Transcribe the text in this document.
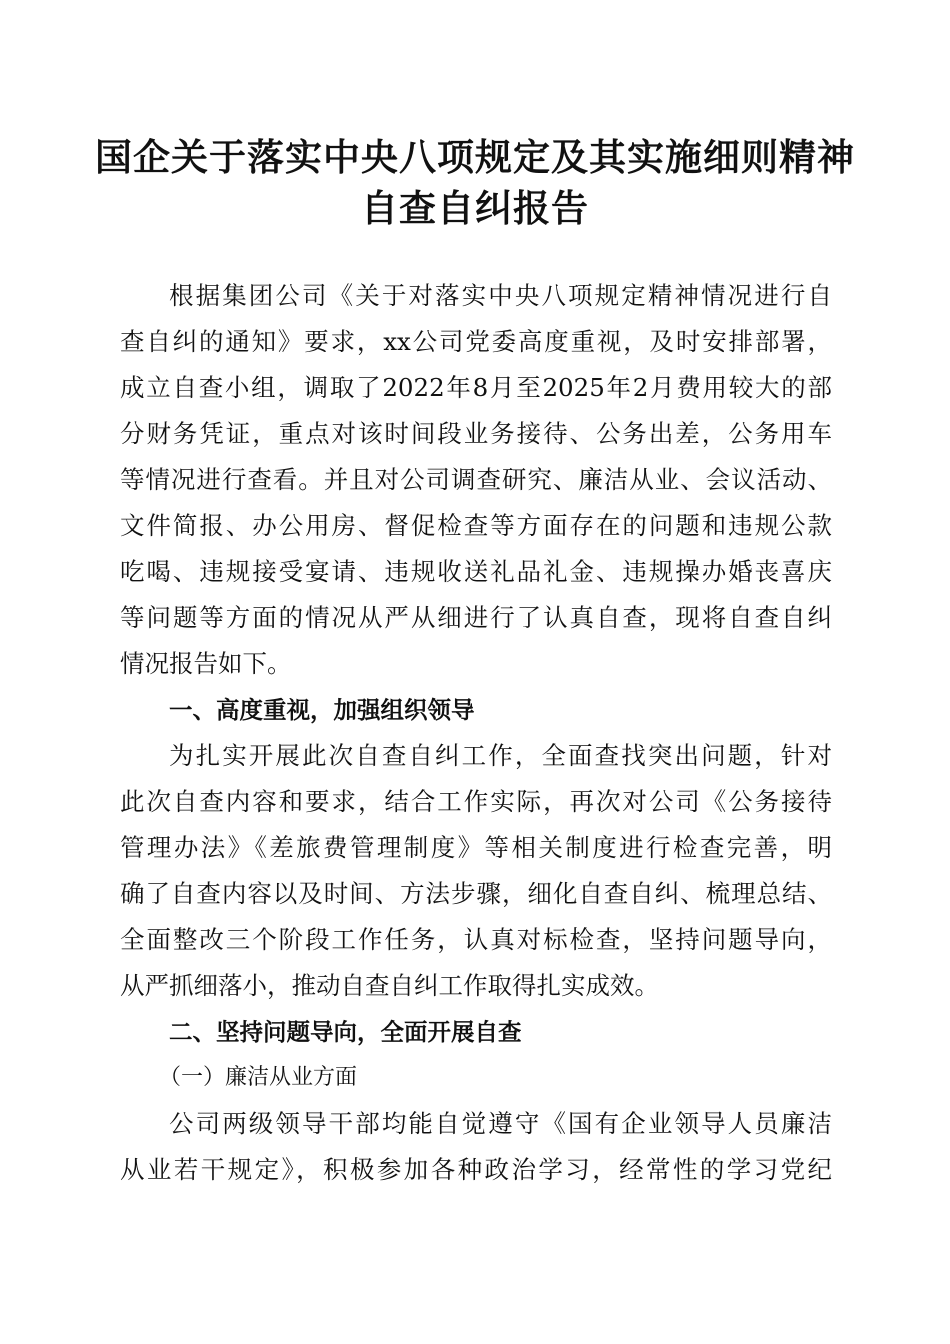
国企关于落实中央八项规定及其实施细则精神
自查自纠报告
根据集团公司《关于对落实中央八项规定精神情况进行自
查自纠的通知》要求，xx公司党委高度重视，及时安排部署，
成立自查小组，调取了2022年8月至2025年2月费用较大的部
分财务凭证，重点对该时间段业务接待、公务出差，公务用车
等情况进行查看。并且对公司调查研究、廉洁从业、会议活动、
文件简报、办公用房、督促检查等方面存在的问题和违规公款
吃喝、违规接受宴请、违规收送礼品礼金、违规操办婚丧喜庆
等问题等方面的情况从严从细进行了认真自查，现将自查自纠
情况报告如下。
一、高度重视，加强组织领导
为扎实开展此次自查自纠工作，全面查找突出问题，针对
此次自查内容和要求，结合工作实际，再次对公司《公务接待
管理办法》《差旅费管理制度》等相关制度进行检查完善，明
确了自查内容以及时间、方法步骤，细化自查自纠、梳理总结、
全面整改三个阶段工作任务，认真对标检查，坚持问题导向，
从严抓细落小，推动自查自纠工作取得扎实成效。
二、坚持问题导向，全面开展自查
（一）廉洁从业方面
公司两级领导干部均能自觉遵守《国有企业领导人员廉洁
从业若干规定》，积极参加各种政治学习，经常性的学习党纪
